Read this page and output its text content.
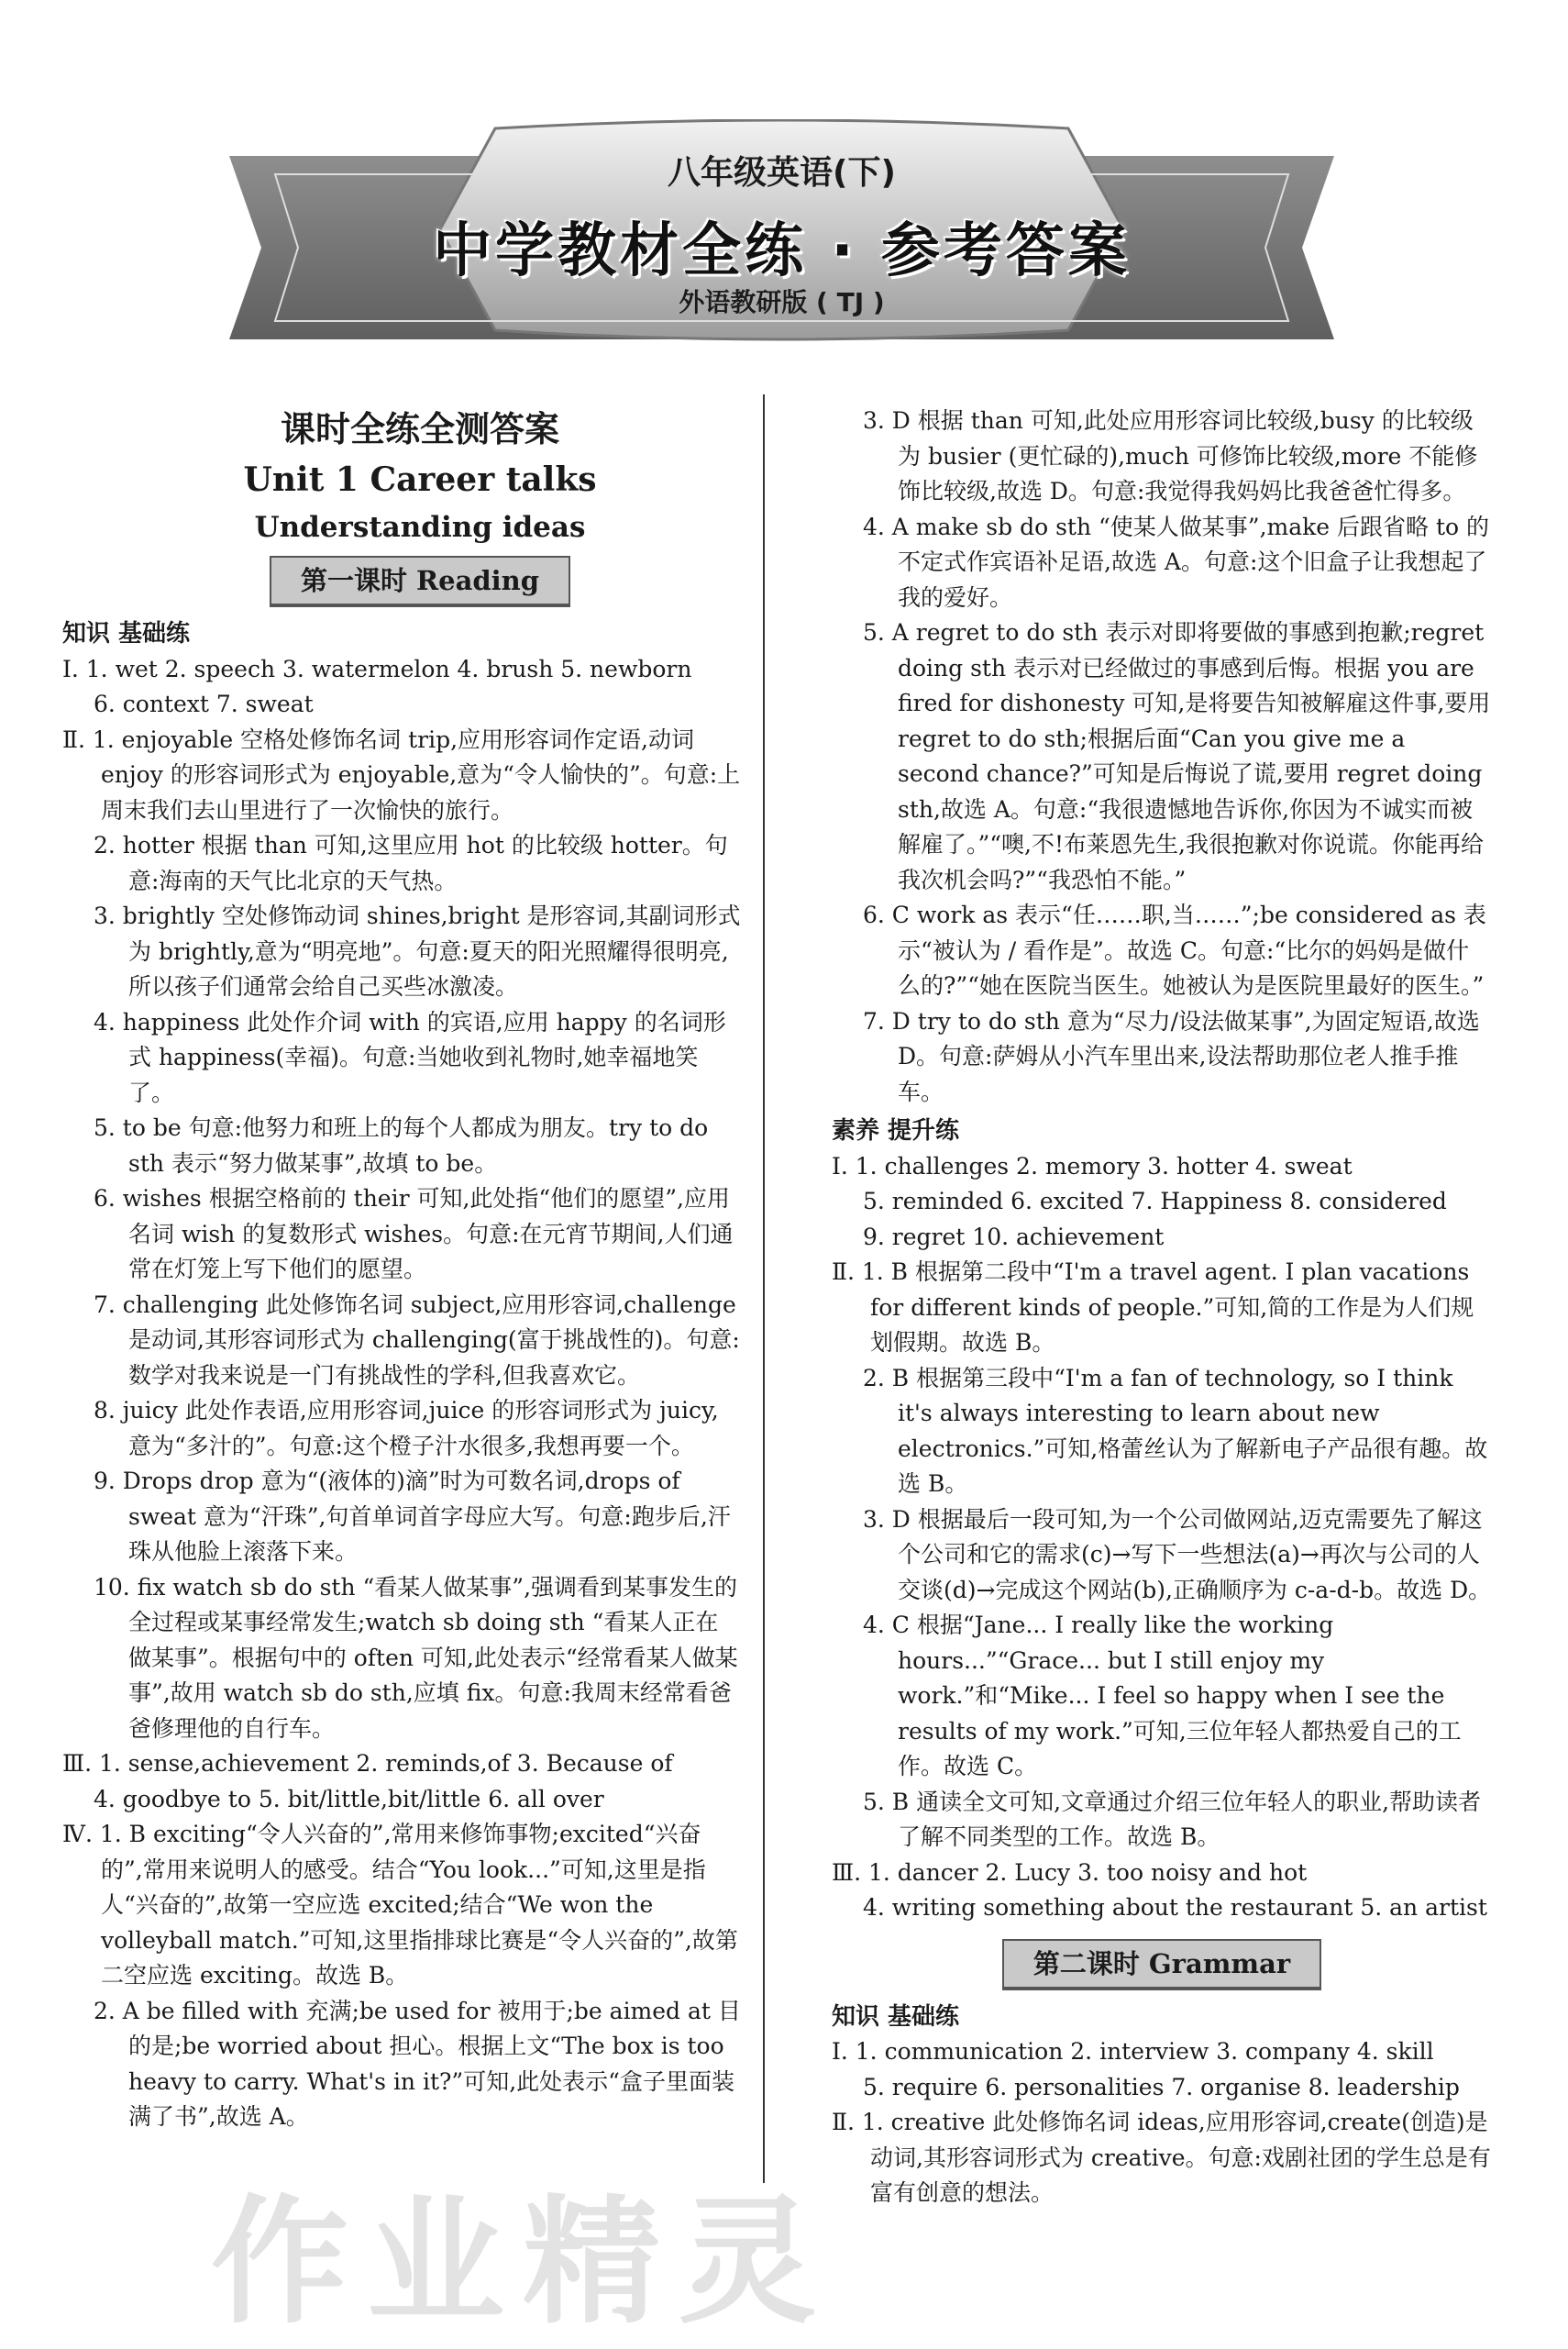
作业精灵
八年级英语(下)
中学教材全练 · 参考答案
外语教研版 ( TJ )
课时全练全测答案
Unit 1 Career talks
Understanding ideas
第一课时 Reading
知识 基础练
Ⅰ. 1. wet 2. speech 3. watermelon 4. brush 5. newborn
6. context 7. sweat
Ⅱ. 1. enjoyable 空格处修饰名词 trip,应用形容词作定语,动词 enjoy 的形容词形式为 enjoyable,意为“令人愉快的”。句意:上周末我们去山里进行了一次愉快的旅行。
2. hotter 根据 than 可知,这里应用 hot 的比较级 hotter。句意:海南的天气比北京的天气热。
3. brightly 空处修饰动词 shines,bright 是形容词,其副词形式为 brightly,意为“明亮地”。句意:夏天的阳光照耀得很明亮,所以孩子们通常会给自己买些冰激凌。
4. happiness 此处作介词 with 的宾语,应用 happy 的名词形式 happiness(幸福)。句意:当她收到礼物时,她幸福地笑了。
5. to be 句意:他努力和班上的每个人都成为朋友。try to do sth 表示“努力做某事”,故填 to be。
6. wishes 根据空格前的 their 可知,此处指“他们的愿望”,应用名词 wish 的复数形式 wishes。句意:在元宵节期间,人们通常在灯笼上写下他们的愿望。
7. challenging 此处修饰名词 subject,应用形容词,challenge 是动词,其形容词形式为 challenging(富于挑战性的)。句意:数学对我来说是一门有挑战性的学科,但我喜欢它。
8. juicy 此处作表语,应用形容词,juice 的形容词形式为 juicy,意为“多汁的”。句意:这个橙子汁水很多,我想再要一个。
9. Drops drop 意为“(液体的)滴”时为可数名词,drops of sweat 意为“汗珠”,句首单词首字母应大写。句意:跑步后,汗珠从他脸上滚落下来。
10. fix watch sb do sth “看某人做某事”,强调看到某事发生的全过程或某事经常发生;watch sb doing sth “看某人正在做某事”。根据句中的 often 可知,此处表示“经常看某人做某事”,故用 watch sb do sth,应填 fix。句意:我周末经常看爸爸修理他的自行车。
Ⅲ. 1. sense,achievement 2. reminds,of 3. Because of
4. goodbye to 5. bit/little,bit/little 6. all over
Ⅳ. 1. B exciting“令人兴奋的”,常用来修饰事物;excited“兴奋的”,常用来说明人的感受。结合“You look...”可知,这里是指人“兴奋的”,故第一空应选 excited;结合“We won the volleyball match.”可知,这里指排球比赛是“令人兴奋的”,故第二空应选 exciting。故选 B。
2. A be filled with 充满;be used for 被用于;be aimed at 目的是;be worried about 担心。根据上文“The box is too heavy to carry. What's in it?”可知,此处表示“盒子里面装满了书”,故选 A。
3. D 根据 than 可知,此处应用形容词比较级,busy 的比较级为 busier (更忙碌的),much 可修饰比较级,more 不能修饰比较级,故选 D。句意:我觉得我妈妈比我爸爸忙得多。
4. A make sb do sth “使某人做某事”,make 后跟省略 to 的不定式作宾语补足语,故选 A。句意:这个旧盒子让我想起了我的爱好。
5. A regret to do sth 表示对即将要做的事感到抱歉;regret doing sth 表示对已经做过的事感到后悔。根据 you are fired for dishonesty 可知,是将要告知被解雇这件事,要用 regret to do sth;根据后面“Can you give me a second chance?”可知是后悔说了谎,要用 regret doing sth,故选 A。句意:“我很遗憾地告诉你,你因为不诚实而被解雇了。”“噢,不!布莱恩先生,我很抱歉对你说谎。你能再给我次机会吗?”“我恐怕不能。”
6. C work as 表示“任……职,当……”;be considered as 表示“被认为 / 看作是”。故选 C。句意:“比尔的妈妈是做什么的?”“她在医院当医生。她被认为是医院里最好的医生。”
7. D try to do sth 意为“尽力/设法做某事”,为固定短语,故选 D。句意:萨姆从小汽车里出来,设法帮助那位老人推手推车。
素养 提升练
Ⅰ. 1. challenges 2. memory 3. hotter 4. sweat
5. reminded 6. excited 7. Happiness 8. considered
9. regret 10. achievement
Ⅱ. 1. B 根据第二段中“I'm a travel agent. I plan vacations for different kinds of people.”可知,简的工作是为人们规划假期。故选 B。
2. B 根据第三段中“I'm a fan of technology, so I think it's always interesting to learn about new electronics.”可知,格蕾丝认为了解新电子产品很有趣。故选 B。
3. D 根据最后一段可知,为一个公司做网站,迈克需要先了解这个公司和它的需求(c)→写下一些想法(a)→再次与公司的人交谈(d)→完成这个网站(b),正确顺序为 c-a-d-b。故选 D。
4. C 根据“Jane... I really like the working hours...”“Grace... but I still enjoy my work.”和“Mike... I feel so happy when I see the results of my work.”可知,三位年轻人都热爱自己的工作。故选 C。
5. B 通读全文可知,文章通过介绍三位年轻人的职业,帮助读者了解不同类型的工作。故选 B。
Ⅲ. 1. dancer 2. Lucy 3. too noisy and hot
4. writing something about the restaurant 5. an artist
第二课时 Grammar
知识 基础练
Ⅰ. 1. communication 2. interview 3. company 4. skill
5. require 6. personalities 7. organise 8. leadership
Ⅱ. 1. creative 此处修饰名词 ideas,应用形容词,create(创造)是动词,其形容词形式为 creative。句意:戏剧社团的学生总是有富有创意的想法。
